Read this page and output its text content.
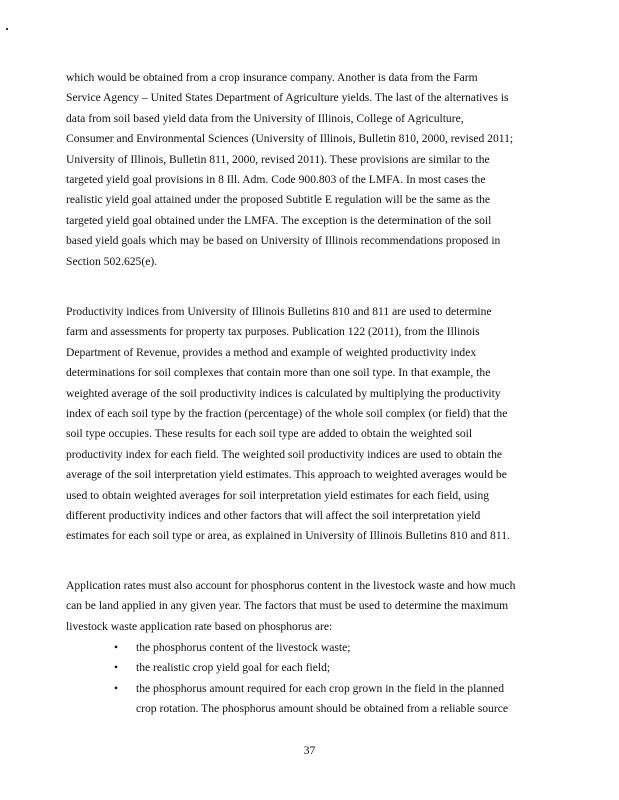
which would be obtained from a crop insurance company. Another is data from the Farm
Service Agency – United States Department of Agriculture yields. The last of the alternatives is
data from soil based yield data from the University of Illinois, College of Agriculture,
Consumer and Environmental Sciences (University of Illinois, Bulletin 810, 2000, revised 2011;
University of Illinois, Bulletin 811, 2000, revised 2011). These provisions are similar to the
targeted yield goal provisions in 8 Ill. Adm. Code 900.803 of the LMFA. In most cases the
realistic yield goal attained under the proposed Subtitle E regulation will be the same as the
targeted yield goal obtained under the LMFA. The exception is the determination of the soil
based yield goals which may be based on University of Illinois recommendations proposed in
Section 502.625(e).
Productivity indices from University of Illinois Bulletins 810 and 811 are used to determine
farm and assessments for property tax purposes. Publication 122 (2011), from the Illinois
Department of Revenue, provides a method and example of weighted productivity index
determinations for soil complexes that contain more than one soil type. In that example, the
weighted average of the soil productivity indices is calculated by multiplying the productivity
index of each soil type by the fraction (percentage) of the whole soil complex (or field) that the
soil type occupies. These results for each soil type are added to obtain the weighted soil
productivity index for each field. The weighted soil productivity indices are used to obtain the
average of the soil interpretation yield estimates. This approach to weighted averages would be
used to obtain weighted averages for soil interpretation yield estimates for each field, using
different productivity indices and other factors that will affect the soil interpretation yield
estimates for each soil type or area, as explained in University of Illinois Bulletins 810 and 811.
Application rates must also account for phosphorus content in the livestock waste and how much
can be land applied in any given year. The factors that must be used to determine the maximum
livestock waste application rate based on phosphorus are:
• the phosphorus content of the livestock waste;
• the realistic crop yield goal for each field;
• the phosphorus amount required for each crop grown in the field in the planned
crop rotation. The phosphorus amount should be obtained from a reliable source
37
